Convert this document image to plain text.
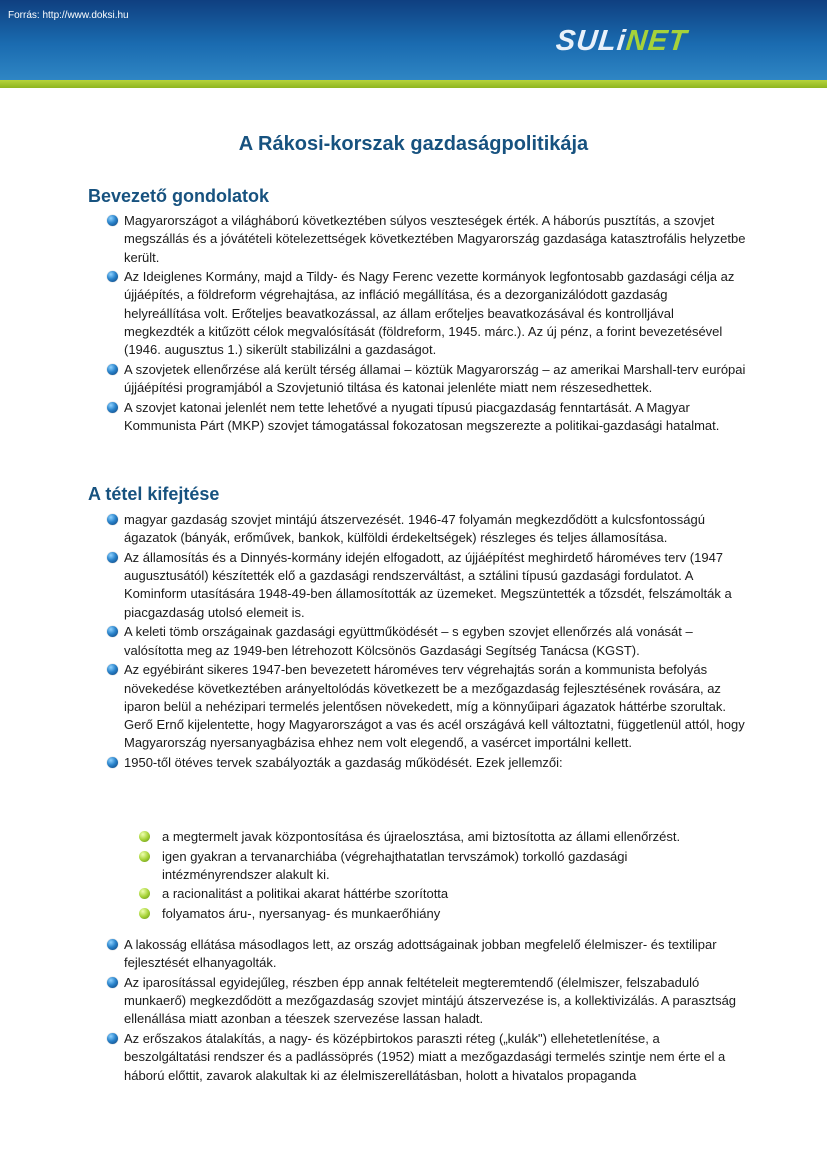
Forrás: http://www.doksi.hu
SULiNET
A Rákosi-korszak gazdaságpolitikája
Bevezető gondolatok
Magyarországot a világháború következtében súlyos veszteségek érték. A háborús pusztítás, a szovjet megszállás és a jóvátételi kötelezettségek következtében Magyarország gazdasága katasztrofális helyzetbe került.
Az Ideiglenes Kormány, majd a Tildy- és Nagy Ferenc vezette kormányok legfontosabb gazdasági célja az újjáépítés, a földreform végrehajtása, az infláció megállítása, és a dezorganizálódott gazdaság helyreállítása volt. Erőteljes beavatkozással, az állam erőteljes beavatkozásával és kontrolljával megkezdték a kitűzött célok megvalósítását (földreform, 1945. márc.). Az új pénz, a forint bevezetésével (1946. augusztus 1.) sikerült stabilizálni a gazdaságot.
A szovjetek ellenőrzése alá került térség államai – köztük Magyarország – az amerikai Marshall-terv európai újjáépítési programjából a Szovjetunió tiltása és katonai jelenléte miatt nem részesedhettek.
A szovjet katonai jelenlét nem tette lehetővé a nyugati típusú piacgazdaság fenntartását. A Magyar Kommunista Párt (MKP) szovjet támogatással fokozatosan megszerezte a politikai-gazdasági hatalmat.
A tétel kifejtése
magyar gazdaság szovjet mintájú átszervezését. 1946-47 folyamán megkezdődött a kulcsfontosságú ágazatok (bányák, erőművek, bankok, külföldi érdekeltségek) részleges és teljes államosítása.
Az államosítás és a Dinnyés-kormány idején elfogadott, az újjáépítést meghirdető hároméves terv (1947 augusztusától) készítették elő a gazdasági rendszerváltást, a sztálini típusú gazdasági fordulatot. A Kominform utasítására 1948-49-ben államosították az üzemeket. Megszüntették a tőzsdét, felszámolták a piacgazdaság utolsó elemeit is.
A keleti tömb országainak gazdasági együttműködését – s egyben szovjet ellenőrzés alá vonását – valósította meg az 1949-ben létrehozott Kölcsönös Gazdasági Segítség Tanácsa (KGST).
Az egyébiránt sikeres 1947-ben bevezetett hároméves terv végrehajtás során a kommunista befolyás növekedése következtében arányeltolódás következett be a mezőgazdaság fejlesztésének rovására, az iparon belül a nehézipari termelés jelentősen növekedett, míg a könnyűipari ágazatok háttérbe szorultak. Gerő Ernő kijelentette, hogy Magyarországot a vas és acél országává kell változtatni, függetlenül attól, hogy Magyarország nyersanyagbázisa ehhez nem volt elegendő, a vasércet importálni kellett.
1950-től ötéves tervek szabályozták a gazdaság működését. Ezek jellemzői:
a megtermelt javak központosítása és újraelosztása, ami biztosította az állami ellenőrzést.
igen gyakran a tervanarchiába (végrehajthatatlan tervszámok) torkolló gazdasági intézményrendszer alakult ki.
a racionalitást a politikai akarat háttérbe szorította
folyamatos áru-, nyersanyag- és munkaerőhiány
A lakosság ellátása másodlagos lett, az ország adottságainak jobban megfelelő élelmiszer- és textilipar fejlesztését elhanyagolták.
Az iparosítással egyidejűleg, részben épp annak feltételeit megteremtendő (élelmiszer, felszabaduló munkaerő) megkezdődött a mezőgazdaság szovjet mintájú átszervezése is, a kollektivizálás. A parasztság ellenállása miatt azonban a téeszek szervezése lassan haladt.
Az erőszakos átalakítás, a nagy- és középbirtokos paraszti réteg („kulák") ellehetetlenítése, a beszolgáltatási rendszer és a padlássöprés (1952) miatt a mezőgazdasági termelés szintje nem érte el a háború előttit, zavarok alakultak ki az élelmiszerellátásban, holott a hivatalos propaganda
